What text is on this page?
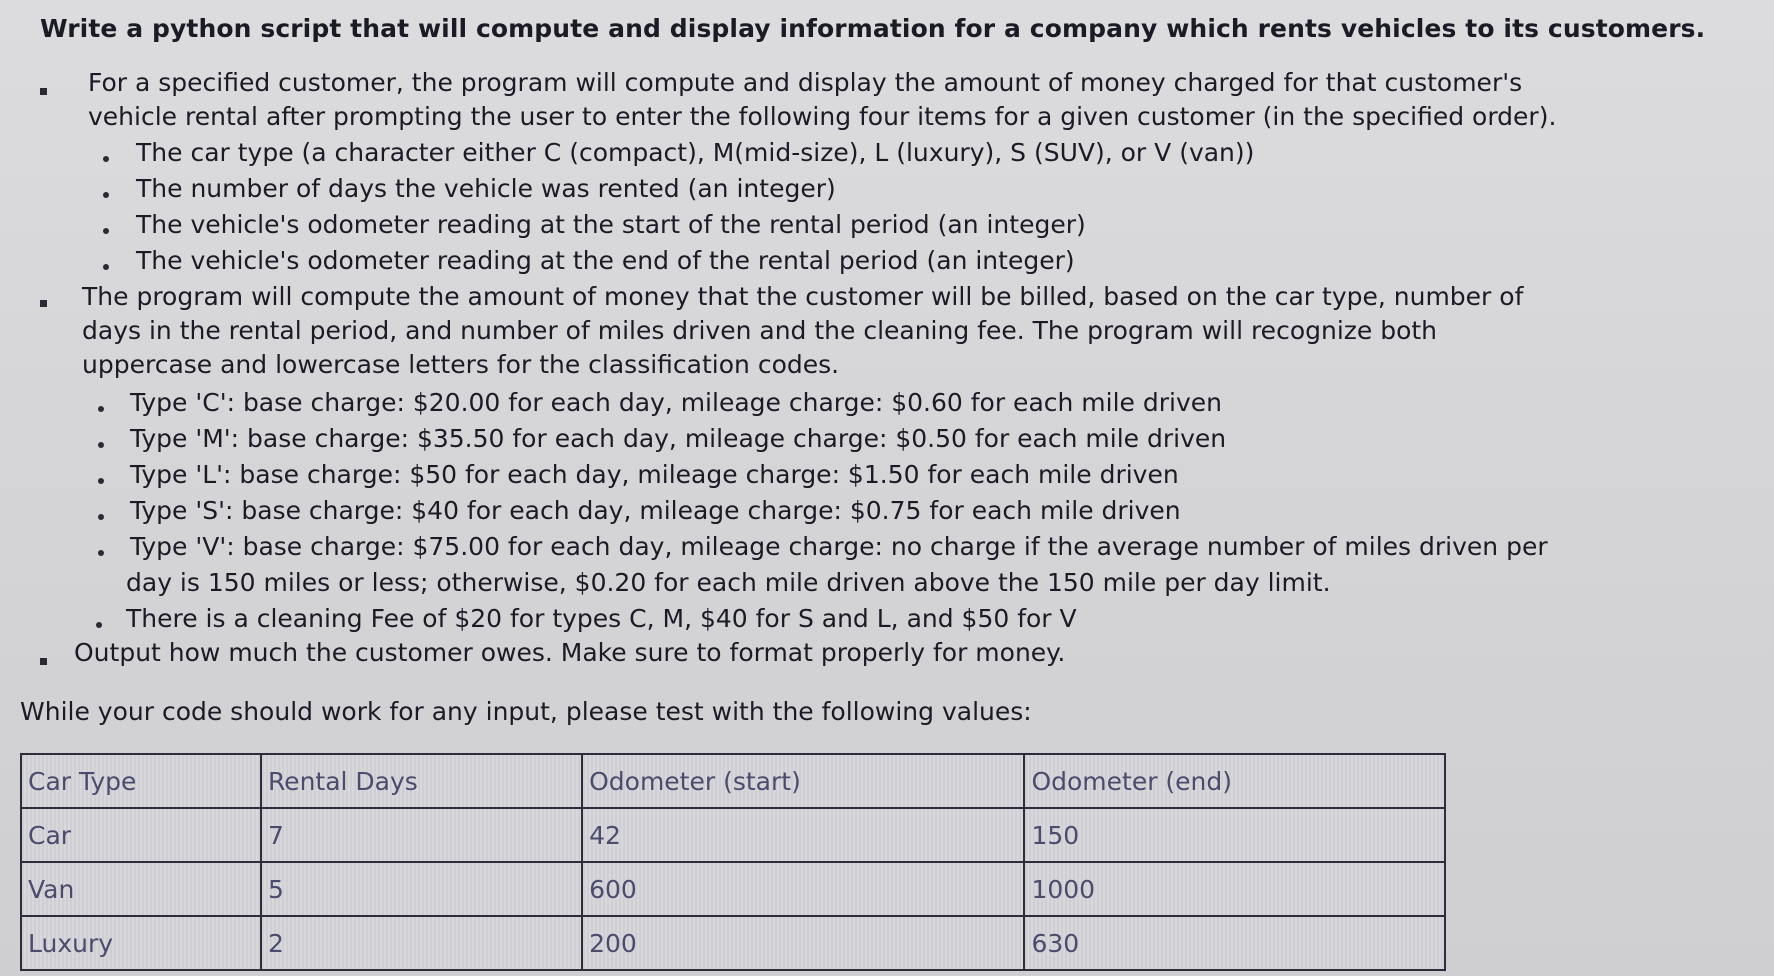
Write a python script that will compute and display information for a company which rents vehicles to its customers.
For a specified customer, the program will compute and display the amount of money charged for that customer's
vehicle rental after prompting the user to enter the following four items for a given customer (in the specified order).
The car type (a character either C (compact), M(mid-size), L (luxury), S (SUV), or V (van))
The number of days the vehicle was rented (an integer)
The vehicle's odometer reading at the start of the rental period (an integer)
The vehicle's odometer reading at the end of the rental period (an integer)
The program will compute the amount of money that the customer will be billed, based on the car type, number of
days in the rental period, and number of miles driven and the cleaning fee. The program will recognize both
uppercase and lowercase letters for the classification codes.
Type 'C': base charge: $20.00 for each day, mileage charge: $0.60 for each mile driven
Type 'M': base charge: $35.50 for each day, mileage charge: $0.50 for each mile driven
Type 'L': base charge: $50 for each day, mileage charge: $1.50 for each mile driven
Type 'S': base charge: $40 for each day, mileage charge: $0.75 for each mile driven
Type 'V': base charge: $75.00 for each day, mileage charge: no charge if the average number of miles driven per
day is 150 miles or less; otherwise, $0.20 for each mile driven above the 150 mile per day limit.
There is a cleaning Fee of $20 for types C, M, $40 for S and L, and $50 for V
Output how much the customer owes. Make sure to format properly for money.
While your code should work for any input, please test with the following values:
Car Type	Rental Days	Odometer (start)	Odometer (end)
Car	7	42	150
Van	5	600	1000
Luxury	2	200	630
